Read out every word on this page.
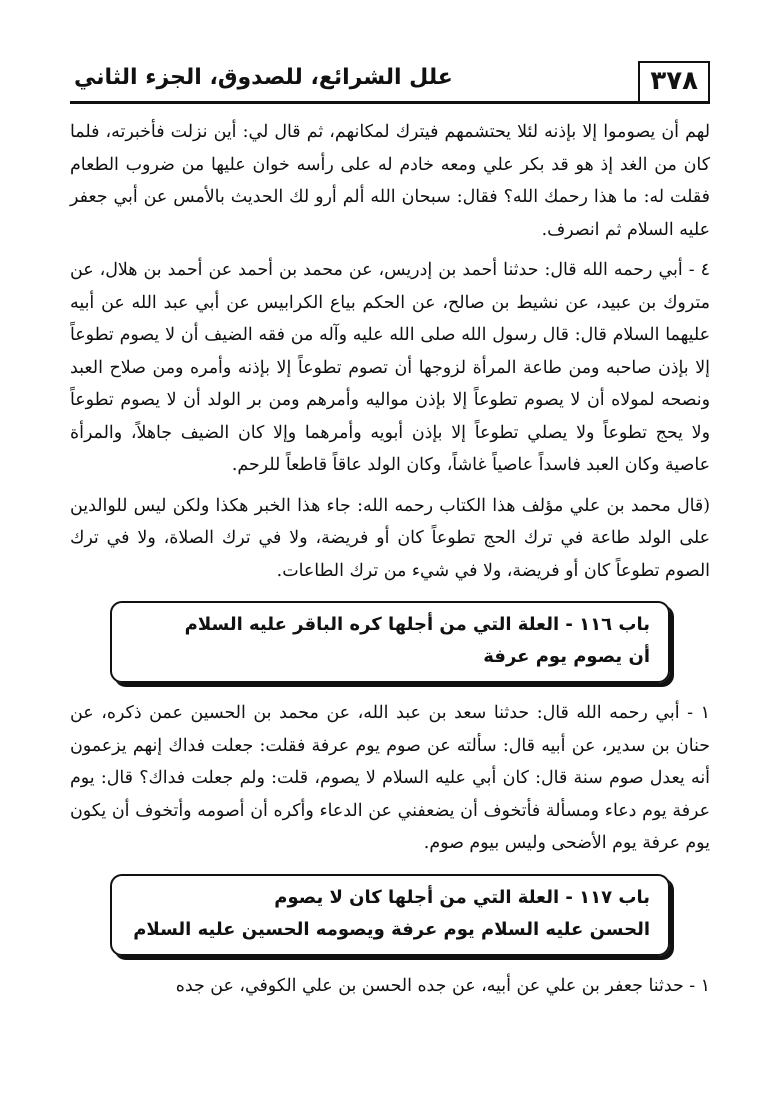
٣٧٨
علل الشرائع، للصدوق، الجزء الثاني

لهم أن يصوموا إلا بإذنه لئلا يحتشمهم فيترك لمكانهم، ثم قال لي: أين نزلت فأخبرته، فلما كان من الغد إذ هو قد بكر علي ومعه خادم له على رأسه خوان عليها من ضروب الطعام فقلت له: ما هذا رحمك الله؟ فقال: سبحان الله ألم أرو لك الحديث بالأمس عن أبي جعفر عليه السلام ثم انصرف.

٤ - أبي رحمه الله قال: حدثنا أحمد بن إدريس، عن محمد بن أحمد عن أحمد بن هلال، عن متروك بن عبيد، عن نشيط بن صالح، عن الحكم بياع الكرابيس عن أبي عبد الله عن أبيه عليهما السلام قال: قال رسول الله صلى الله عليه وآله من فقه الضيف أن لا يصوم تطوعاً إلا بإذن صاحبه ومن طاعة المرأة لزوجها أن تصوم تطوعاً إلا بإذنه وأمره ومن صلاح العبد ونصحه لمولاه أن لا يصوم تطوعاً إلا بإذن مواليه وأمرهم ومن بر الولد أن لا يصوم تطوعاً ولا يحج تطوعاً ولا يصلي تطوعاً إلا بإذن أبويه وأمرهما وإلا كان الضيف جاهلاً، والمرأة عاصية وكان العبد فاسداً عاصياً غاشاً، وكان الولد عاقاً قاطعاً للرحم.

(قال محمد بن علي مؤلف هذا الكتاب رحمه الله: جاء هذا الخبر هكذا ولكن ليس للوالدين على الولد طاعة في ترك الحج تطوعاً كان أو فريضة، ولا في ترك الصلاة، ولا في ترك الصوم تطوعاً كان أو فريضة، ولا في شيء من ترك الطاعات.

باب ١١٦ - العلة التي من أجلها كره الباقر عليه السلام
أن يصوم يوم عرفة

١ - أبي رحمه الله قال: حدثنا سعد بن عبد الله، عن محمد بن الحسين عمن ذكره، عن حنان بن سدير، عن أبيه قال: سألته عن صوم يوم عرفة فقلت: جعلت فداك إنهم يزعمون أنه يعدل صوم سنة قال: كان أبي عليه السلام لا يصوم، قلت: ولم جعلت فداك؟ قال: يوم عرفة يوم دعاء ومسألة فأتخوف أن يضعفني عن الدعاء وأكره أن أصومه وأتخوف أن يكون يوم عرفة يوم الأضحى وليس بيوم صوم.

باب ١١٧ - العلة التي من أجلها كان لا يصوم
الحسن عليه السلام يوم عرفة ويصومه الحسين عليه السلام

١ - حدثنا جعفر بن علي عن أبيه، عن جده الحسن بن علي الكوفي، عن جده
